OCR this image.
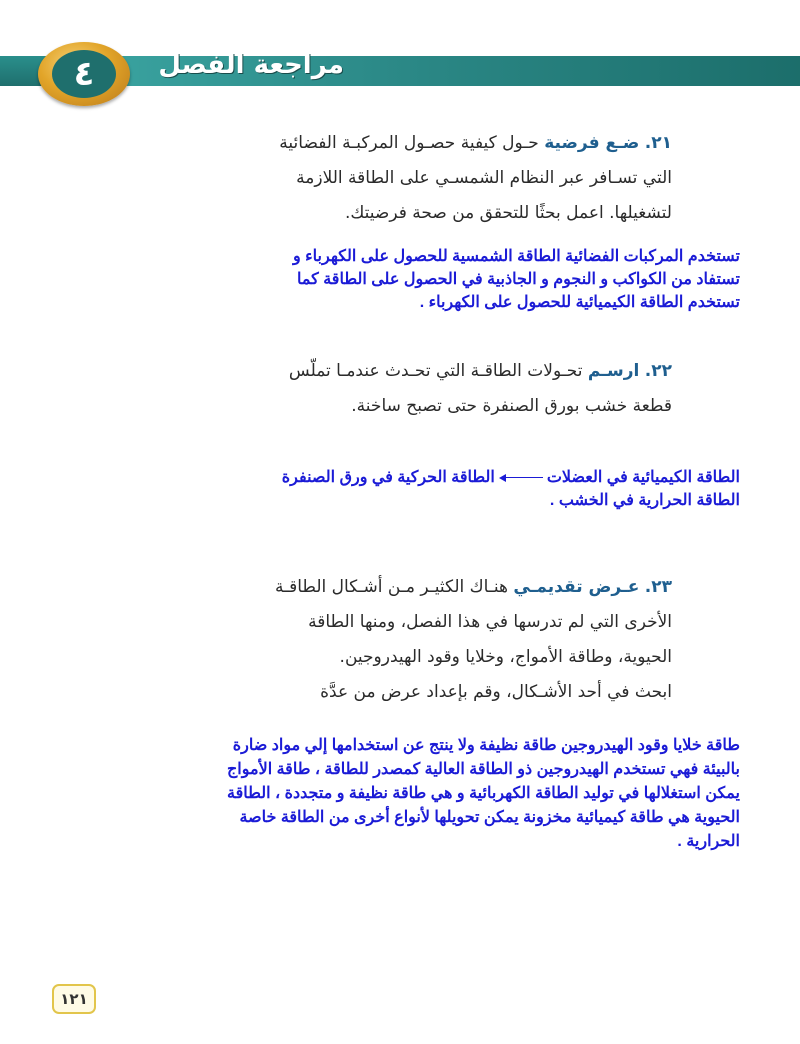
مراجعة الفصل
٤
٢١. ضـع فرضية حـول كيفية حصـول المركبـة الفضائية
التي تسـافر عبر النظام الشمسـي على الطاقة اللازمة
لتشغيلها. اعمل بحثًا للتحقق من صحة فرضيتك.
تستخدم المركبات الفضائية الطاقة الشمسية للحصول على الكهرباء و
تستفاد من الكواكب و النجوم و الجاذبية في الحصول على الطاقة كما
تستخدم الطاقة الكيميائية للحصول على الكهرباء .
٢٢. ارسـم تحـولات الطاقـة التي تحـدث عندمـا تملّس
قطعة خشب بورق الصنفرة حتى تصبح ساخنة.
الطاقة الكيميائية في العضلاتالطاقة الحركية في ورق الصنفرة
الطاقة الحرارية في الخشب .
٢٣. عـرض تقديمـي هنـاك الكثيـر مـن أشـكال الطاقـة
الأخرى التي لم تدرسها في هذا الفصل، ومنها الطاقة
الحيوية، وطاقة الأمواج، وخلايا وقود الهيدروجين.
ابحث في أحد الأشـكال، وقم بإعداد عرض من عدَّة
طاقة خلايا وقود الهيدروجين طاقة نظيفة ولا ينتج عن استخدامها إلي مواد ضارة
بالبيئة فهي تستخدم الهيدروجين ذو الطاقة العالية كمصدر للطاقة ، طاقة الأمواج
يمكن استغلالها في توليد الطاقة الكهربائية و هي طاقة نظيفة و متجددة ، الطاقة
الحيوية هي طاقة كيميائية مخزونة يمكن تحويلها لأنواع أخرى من الطاقة خاصة
الحرارية .
١٢١
